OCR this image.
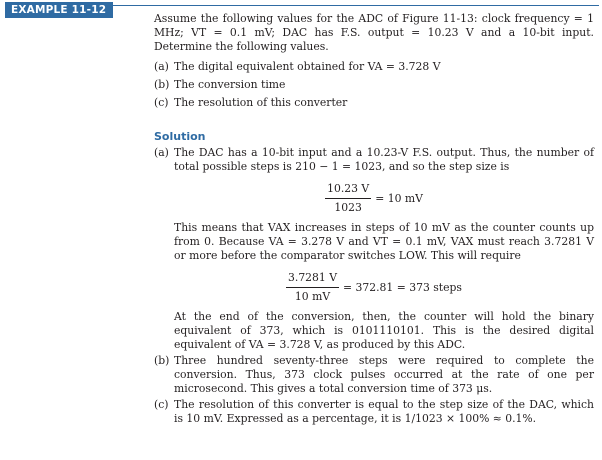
EXAMPLE 11-12

Assume the following values for the ADC of Figure 11-13: clock frequency = 1 MHz; VT = 0.1 mV; DAC has F.S. output = 10.23 V and a 10-bit input. Determine the following values.

(a) The digital equivalent obtained for VA = 3.728 V
(b) The conversion time
(c) The resolution of this converter
Solution
(a) The DAC has a 10-bit input and a 10.23-V F.S. output. Thus, the number of total possible steps is 210 − 1 = 1023, and so the step size is
$\frac{10.23 V}{1023} = 10$ mV

This means that VAX increases in steps of 10 mV as the counter counts up from 0. Because VA = 3.278 V and VT = 0.1 mV, VAX must reach 3.7281 V or more before the comparator switches LOW. This will require

$\frac{3.7281 V}{10 mV} = 372.81 = 373$ steps

At the end of the conversion, then, the counter will hold the binary equivalent of 373, which is 0101110101. This is the desired digital equivalent of VA = 3.728 V, as produced by this ADC.

(b) Three hundred seventy-three steps were required to complete the conversion. Thus, 373 clock pulses occurred at the rate of one per microsecond. This gives a total conversion time of 373 μs.
(c) The resolution of this converter is equal to the step size of the DAC, which is 10 mV. Expressed as a percentage, it is 1/1023 × 100% ≈ 0.1%.
